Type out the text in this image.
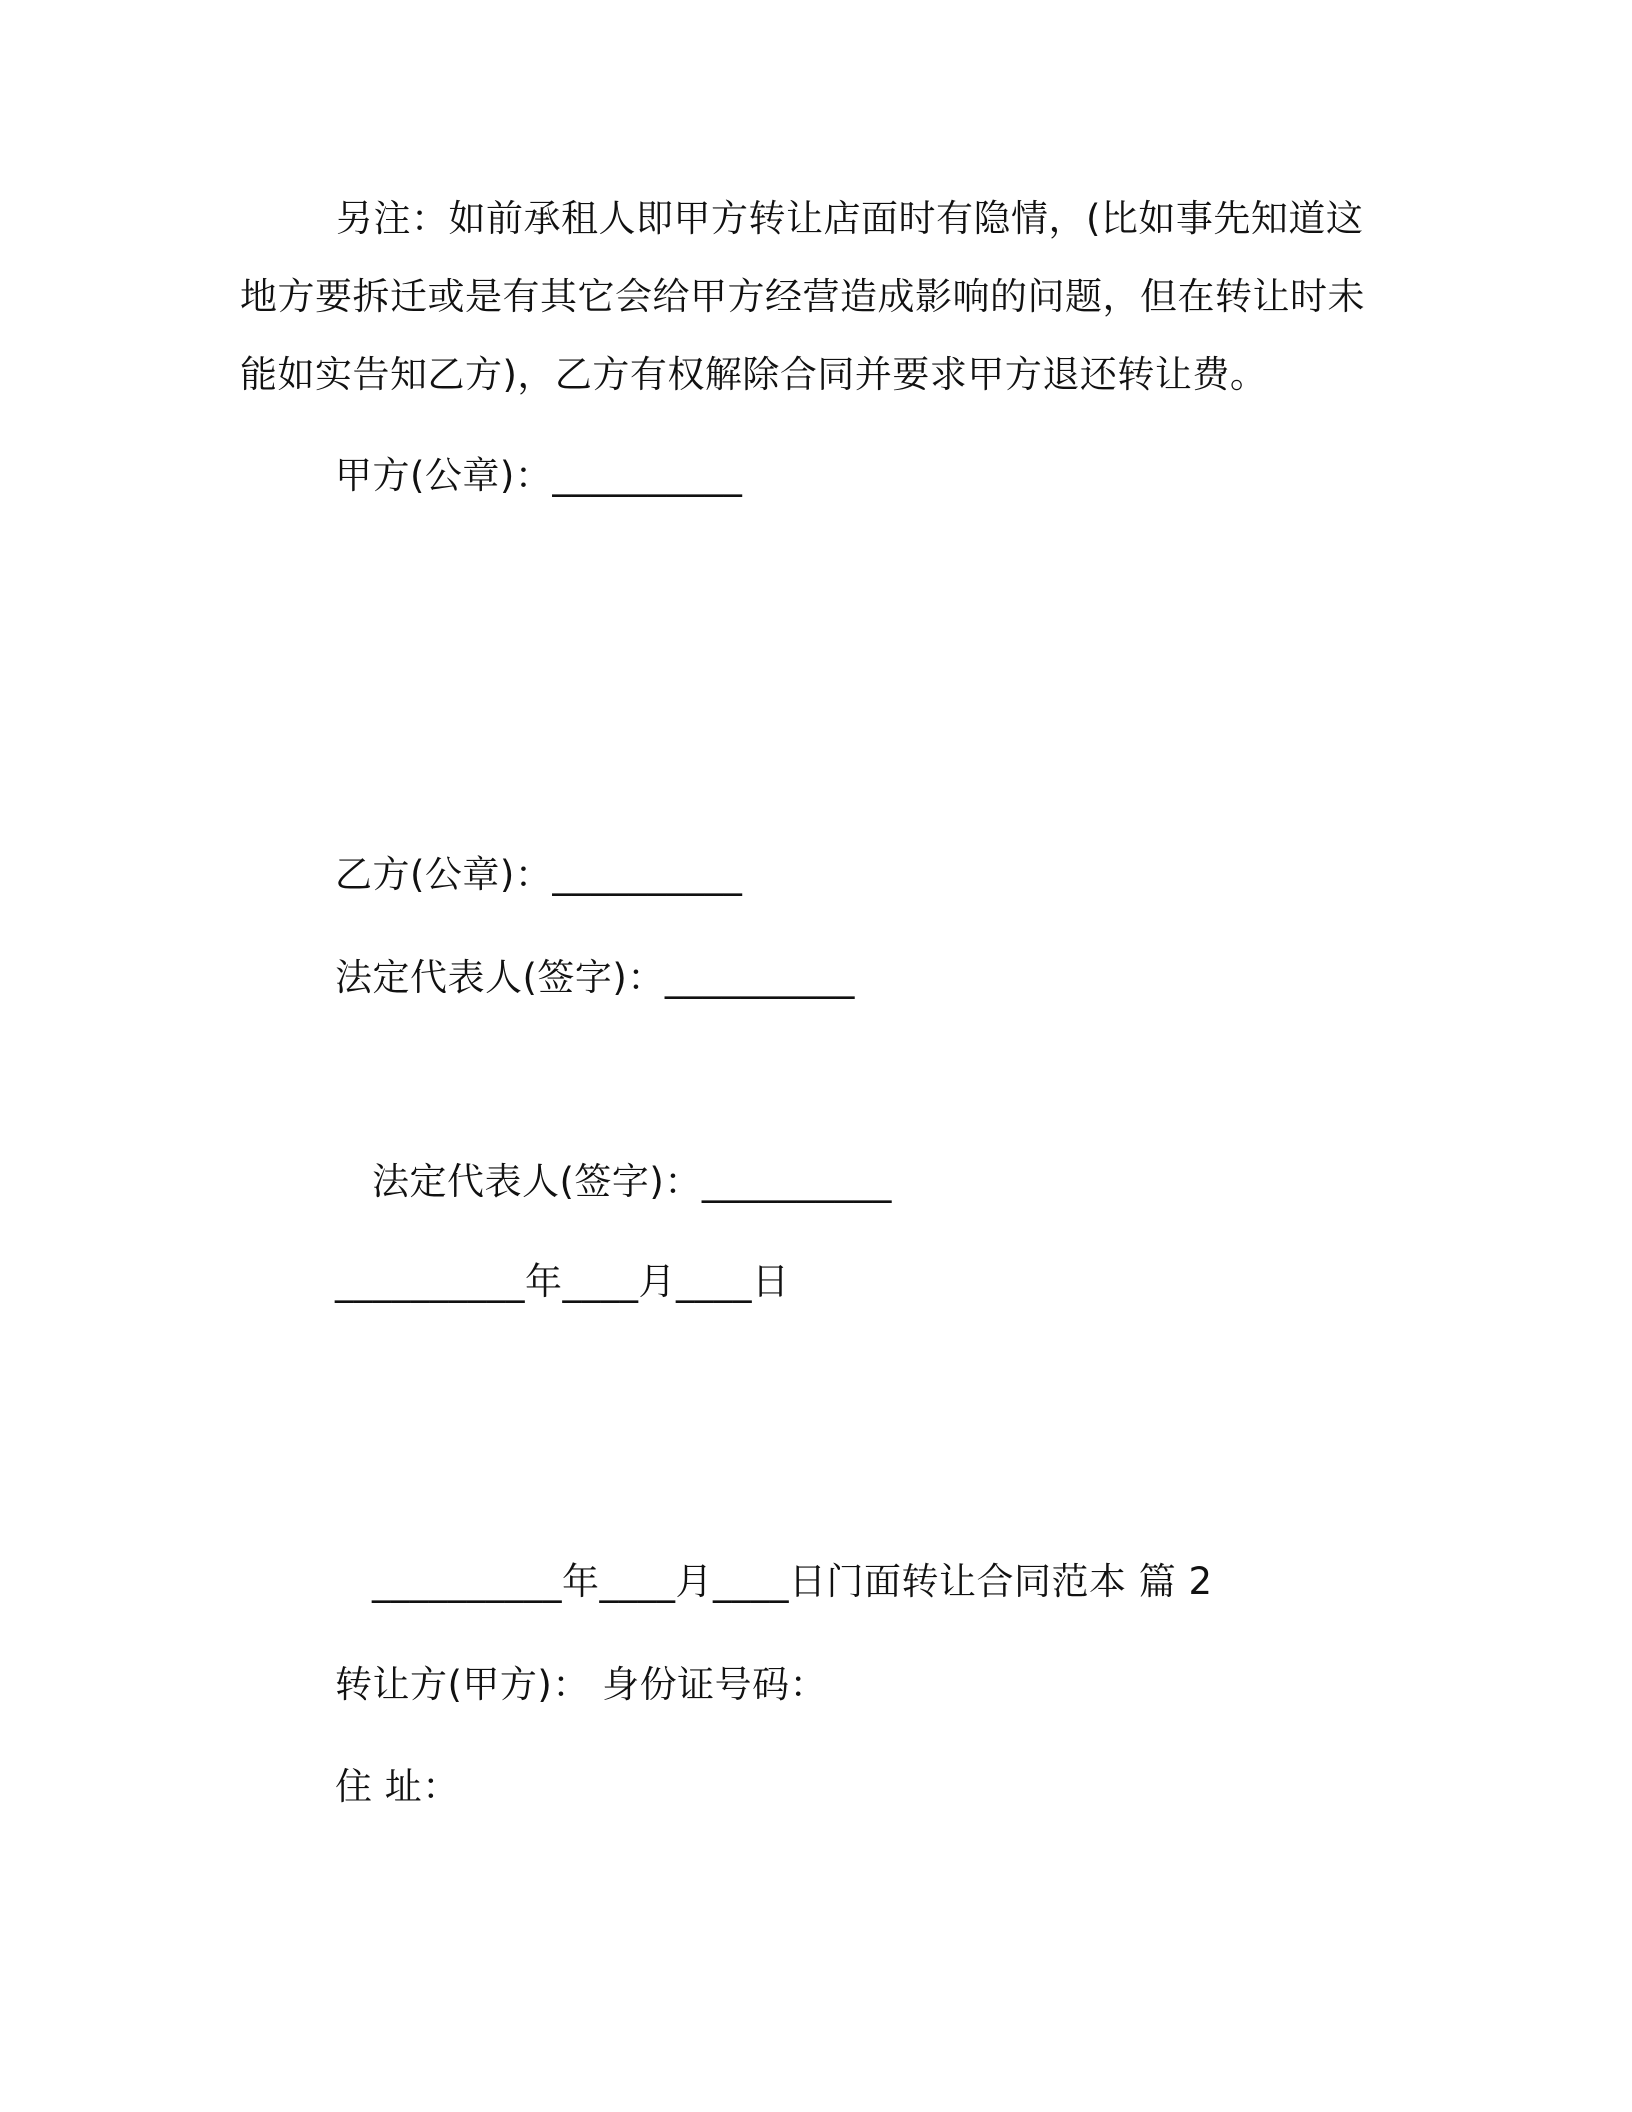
另注：如前承租人即甲方转让店面时有隐情，(比如事先知道这地方要拆迁或是有其它会给甲方经营造成影响的问题，但在转让时未能如实告知乙方)，乙方有权解除合同并要求甲方退还转让费。

甲方(公章)：__________
乙方(公章)：__________
法定代表人(签字)：__________
法定代表人(签字)：__________
__________年____月____日
__________年____月____日门面转让合同范本 篇 2
转让方(甲方)： 身份证号码：
住 址：
